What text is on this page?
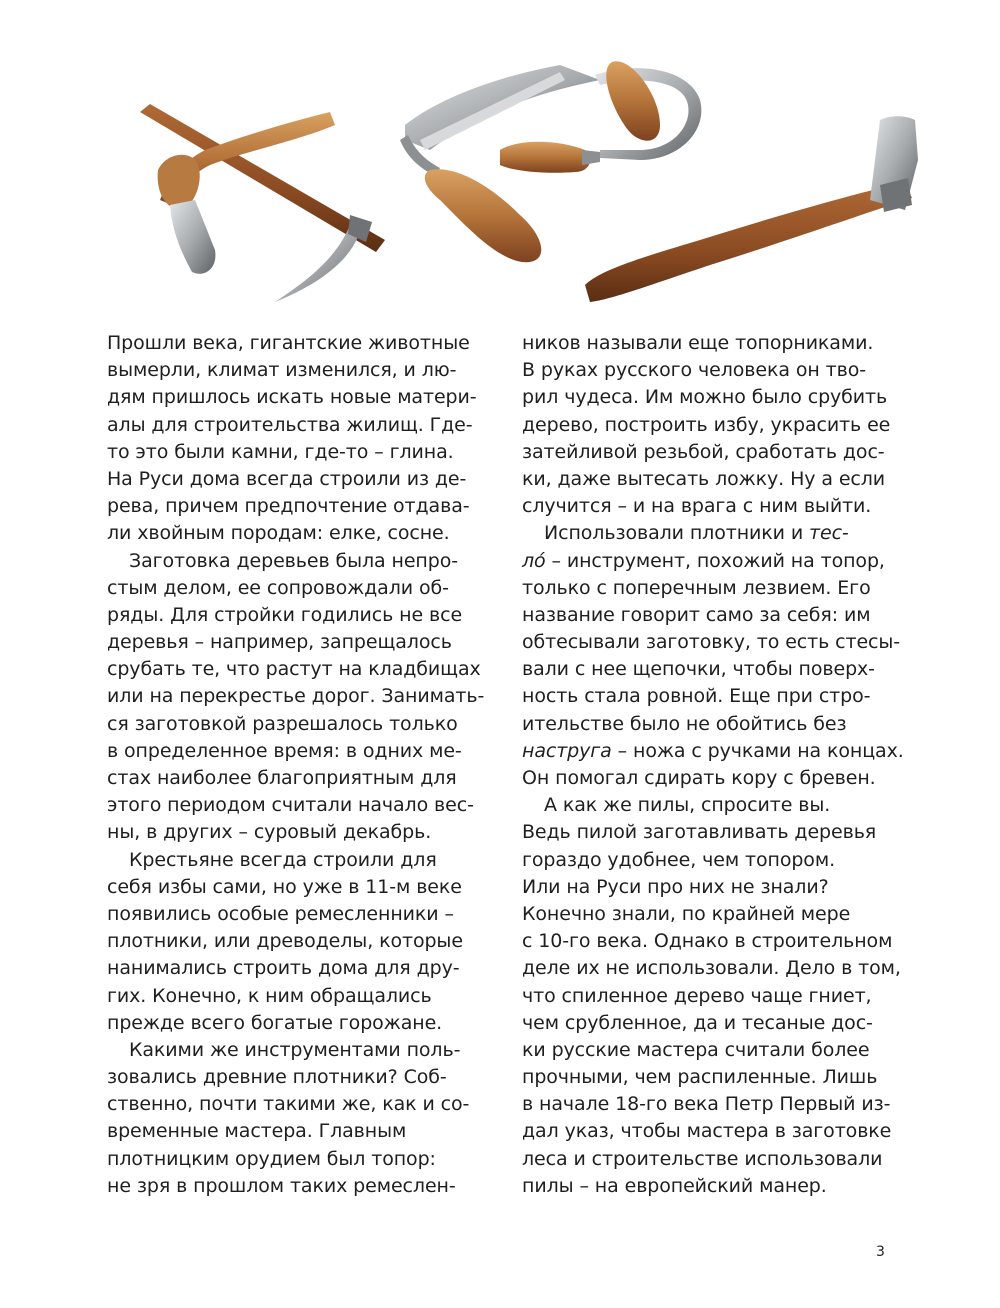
Прошли века, гигантские животные
вымерли, климат изменился, и лю-
дям пришлось искать новые матери-
алы для строительства жилищ. Где-
то это были камни, где-то – глина.
На Руси дома всегда строили из де-
рева, причем предпочтение отдава-
ли хвойным породам: елке, сосне.
Заготовка деревьев была непро-
стым делом, ее сопровождали об-
ряды. Для стройки годились не все
деревья – например, запрещалось
срубать те, что растут на кладбищах
или на перекрестье дорог. Занимать-
ся заготовкой разрешалось только
в определенное время: в одних ме-
стах наиболее благоприятным для
этого периодом считали начало вес-
ны, в других – суровый декабрь.
Крестьяне всегда строили для
себя избы сами, но уже в 11-м веке
появились особые ремесленники –
плотники, или древоделы, которые
нанимались строить дома для дру-
гих. Конечно, к ним обращались
прежде всего богатые горожане.
Какими же инструментами поль-
зовались древние плотники? Соб-
ственно, почти такими же, как и со-
временные мастера. Главным
плотницким орудием был топор:
не зря в прошлом таких ремеслен-
ников называли еще топорниками.
В руках русского человека он тво-
рил чудеса. Им можно было срубить
дерево, построить избу, украсить ее
затейливой резьбой, сработать дос-
ки, даже вытесать ложку. Ну а если
случится – и на врага с ним выйти.
Использовали плотники и тес-
ло́ – инструмент, похожий на топор,
только с поперечным лезвием. Его
название говорит само за себя: им
обтесывали заготовку, то есть стесы-
вали с нее щепочки, чтобы поверх-
ность стала ровной. Еще при стро-
ительстве было не обойтись без
наструга – ножа с ручками на концах.
Он помогал сдирать кору с бревен.
А как же пилы, спросите вы.
Ведь пилой заготавливать деревья
гораздо удобнее, чем топором.
Или на Руси про них не знали?
Конечно знали, по крайней мере
с 10-го века. Однако в строительном
деле их не использовали. Дело в том,
что спиленное дерево чаще гниет,
чем срубленное, да и тесаные дос-
ки русские мастера считали более
прочными, чем распиленные. Лишь
в начале 18-го века Петр Первый из-
дал указ, чтобы мастера в заготовке
леса и строительстве использовали
пилы – на европейский манер.
3
